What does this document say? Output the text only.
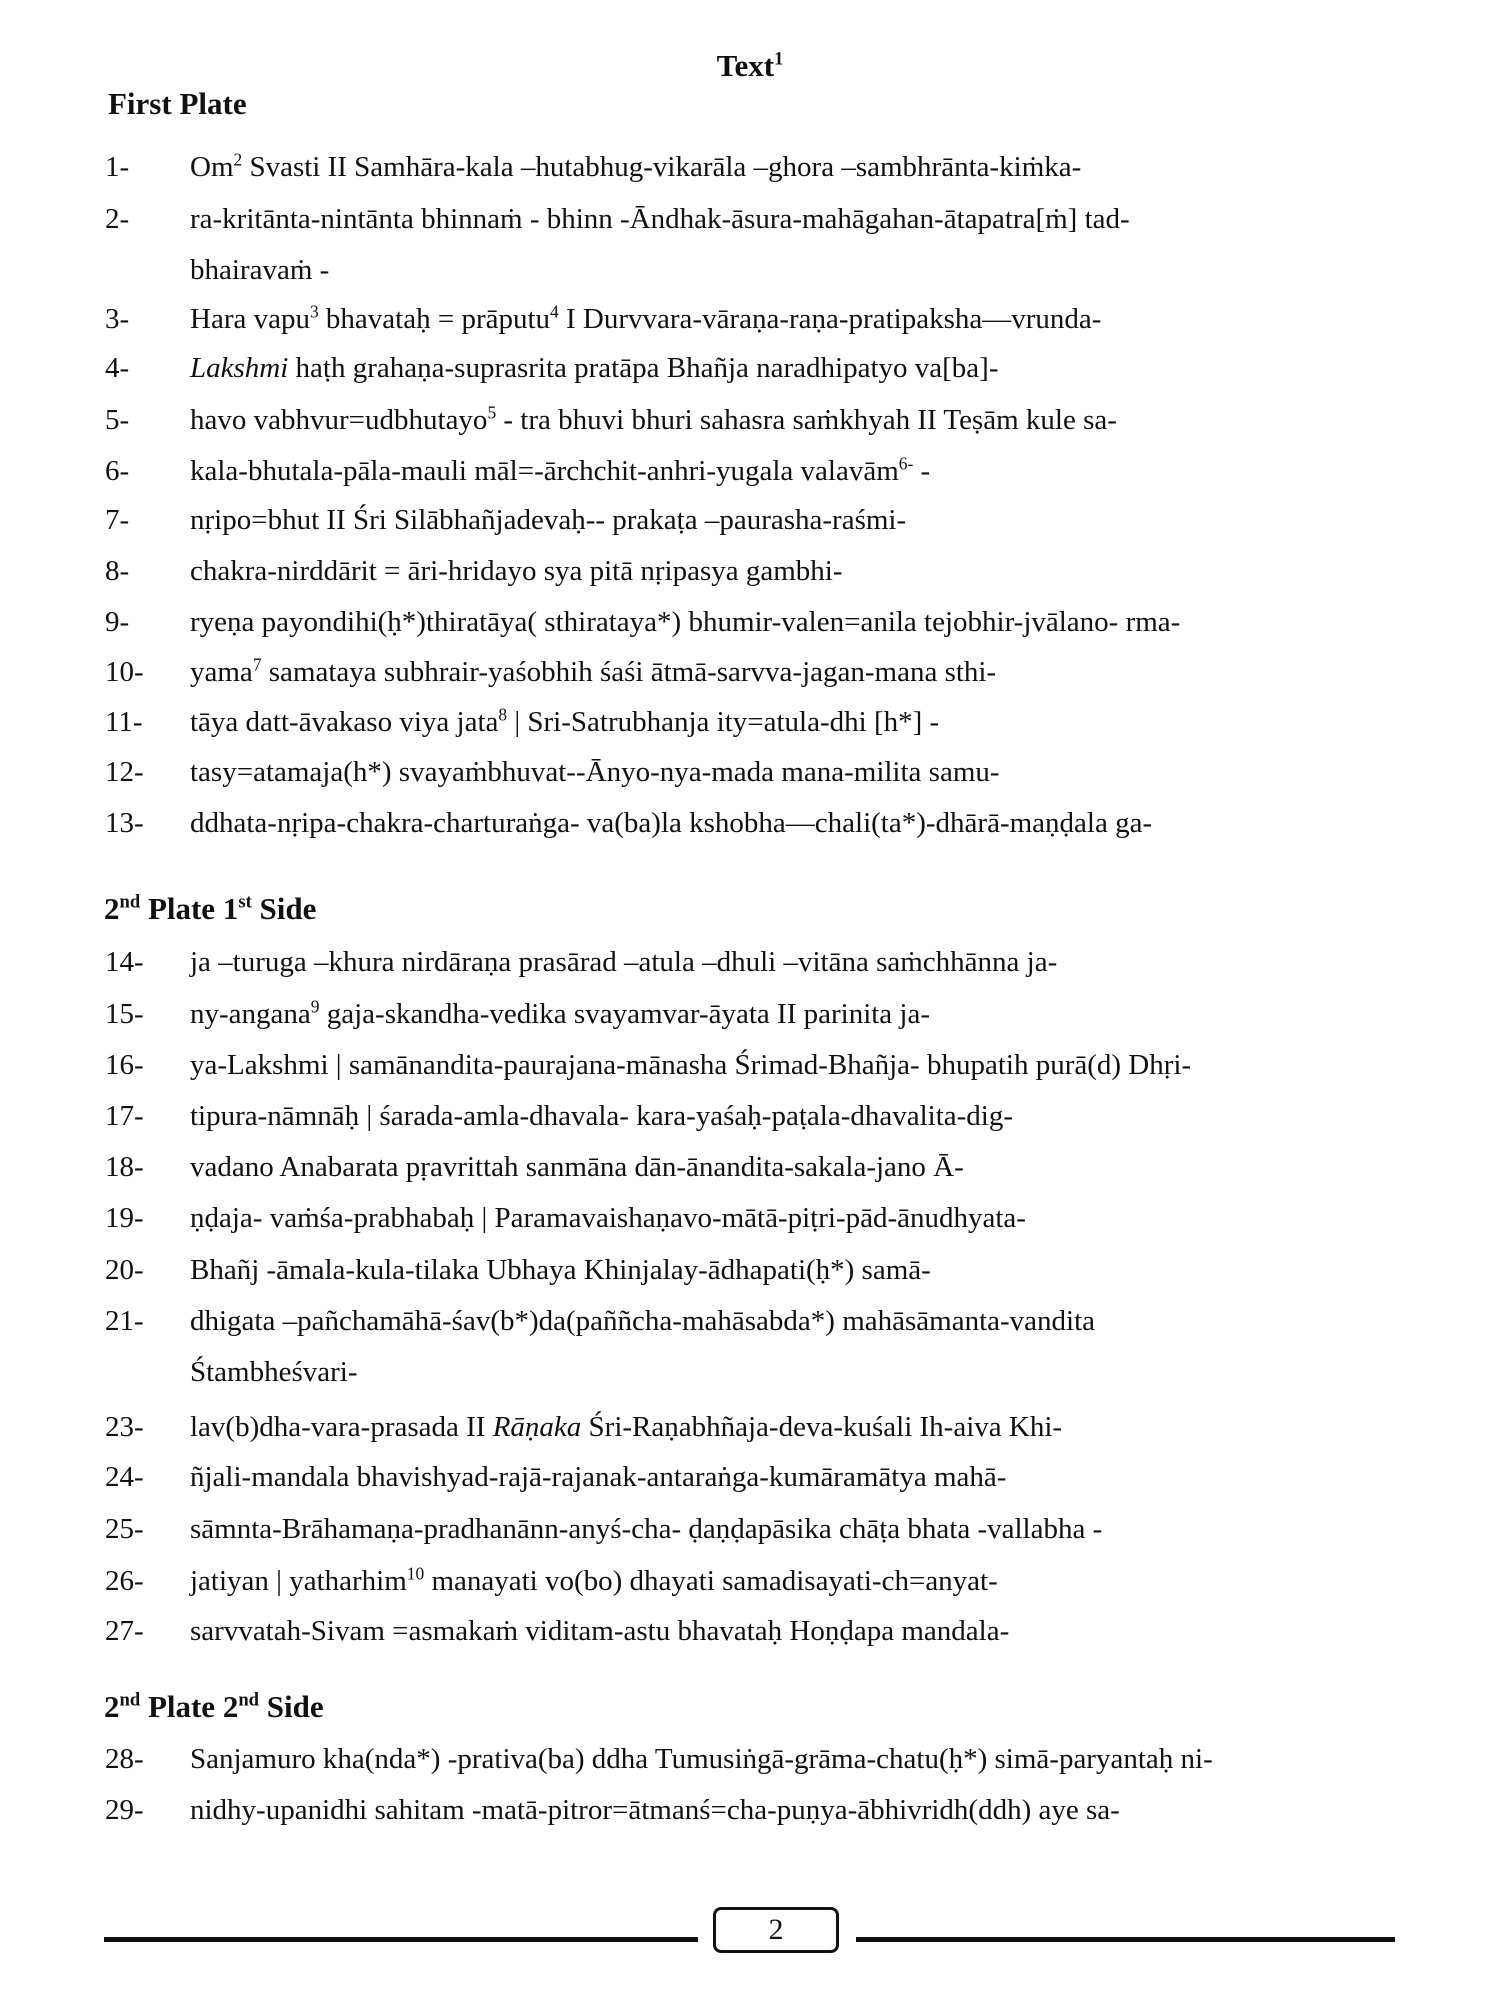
Text$^1$
First Plate
1- Om$^2$ Svasti II Samhāra-kala –hutabhug-vikarāla –ghora –sambhrānta-kiṁka-
2- ra-kritānta-nintānta bhinnaṁ - bhinn -Āndhak-āsura-mahāgahan-ātapatra[ṁ] tad-
bhairavaṁ -
3- Hara vapu$^3$ bhavataḥ = prāputu$^4$ I Durvvara-vāraṇa-raṇa-pratipaksha—vrunda-
4- Lakshmi haṭh grahaṇa-suprasrita pratāpa Bhañja naradhipatyo va[ba]-
5- havo vabhvur=udbhutayo$^5$ - tra bhuvi bhuri sahasra saṁkhyah II Teṣām kule sa-
6- kala-bhutala-pāla-mauli māl=-ārchchit-anhri-yugala valavām$^{6-}$ -
7- nṛipo=bhut II Śri Silābhañjadevaḥ-- prakaṭa –paurasha-raśmi-
8- chakra-nirddārit = āri-hridayo sya pitā nṛipasya gambhi-
9- ryeṇa payondihi(ḥ*)thiratāya( sthirataya*) bhumir-valen=anila tejobhir-jvālano- rma-
10- yama$^7$ samataya subhrair-yaśobhih śaśi ātmā-sarvva-jagan-mana sthi-
11- tāya datt-āvakaso viya jata$^8$ | Sri-Satrubhanja ity=atula-dhi [h*] -
12- tasy=atamaja(h*) svayaṁbhuvat--Ānyo-nya-mada mana-milita samu-
13- ddhata-nṛipa-chakra-charturaṅga- va(ba)la kshobha—chali(ta*)-dhārā-maṇḍala ga-
2nd Plate 1st Side
14- ja –turuga –khura nirdāraṇa prasārad –atula –dhuli –vitāna saṁchhānna ja-
15- ny-angana$^9$ gaja-skandha-vedika svayamvar-āyata II parinita ja-
16- ya-Lakshmi | samānandita-paurajana-mānasha Śrimad-Bhañja- bhupatih purā(d) Dhṛi-
17- tipura-nāmnāḥ | śarada-amla-dhavala- kara-yaśaḥ-paṭala-dhavalita-dig-
18- vadano Anabarata pṛavrittah sanmāna dān-ānandita-sakala-jano Ā-
19- ṇḍaja- vaṁśa-prabhabaḥ | Paramavaishaṇavo-mātā-piṭri-pād-ānudhyata-
20- Bhañj -āmala-kula-tilaka Ubhaya Khinjalay-ādhapati(ḥ*) samā-
21- dhigata –pañchamāhā-śav(b*)da(paññcha-mahāsabda*) mahāsāmanta-vandita
Śtambheśvari-
23- lav(b)dha-vara-prasada II Rāṇaka Śri-Raṇabhñaja-deva-kuśali Ih-aiva Khi-
24- ñjali-mandala bhavishyad-rajā-rajanak-antaraṅga-kumāramātya mahā-
25- sāmnta-Brāhamaṇa-pradhanānn-anyś-cha- ḍaṇḍapāsika chāṭa bhata -vallabha -
26- jatiyan | yatharhim$^{10}$ manayati vo(bo) dhayati samadisayati-ch=anyat-
27- sarvvatah-Sivam =asmakaṁ viditam-astu bhavataḥ Hoṇḍapa mandala-
2nd Plate 2nd Side
28- Sanjamuro kha(nda*) -prativa(ba) ddha Tumusiṅgā-grāma-chatu(ḥ*) simā-paryantaḥ ni-
29- nidhy-upanidhi sahitam -matā-pitror=ātmanś=cha-puṇya-ābhivridh(ddh) aye sa-
2
